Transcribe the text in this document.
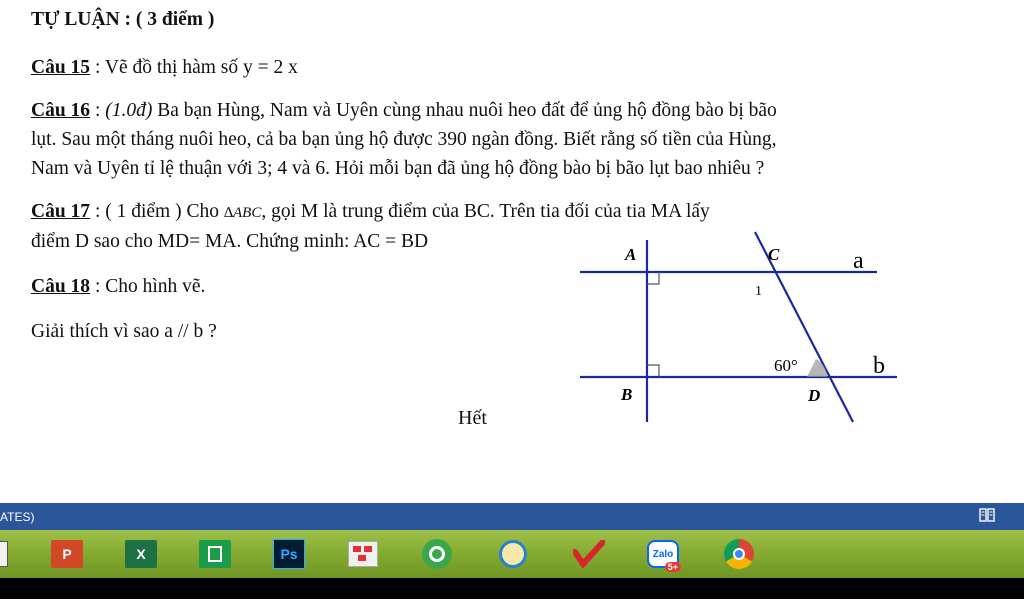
TỰ LUẬN : ( 3 điểm )
Câu 15 : Vẽ đồ thị hàm số y = 2 x
Câu 16 : (1.0đ) Ba bạn Hùng, Nam và Uyên cùng nhau nuôi heo đất để ủng hộ đồng bào bị bão
lụt. Sau một tháng nuôi heo, cả ba bạn ủng hộ được 390 ngàn đồng. Biết rằng số tiền của Hùng,
Nam và Uyên tỉ lệ thuận với 3; 4 và 6. Hỏi mỗi bạn đã ủng hộ đồng bào bị bão lụt bao nhiêu ?
Câu 17 : ( 1 điểm ) Cho ∆ABC, gọi M là trung điểm của BC. Trên tia đối của tia MA lấy
điểm D sao cho MD= MA. Chứng minh: AC = BD
Câu 18 : Cho hình vẽ.
Giải thích vì sao a // b ?
Hết
A
B
C
D
a
b
1
60°
ATES)
P	X	Ps	Zalo
5+
